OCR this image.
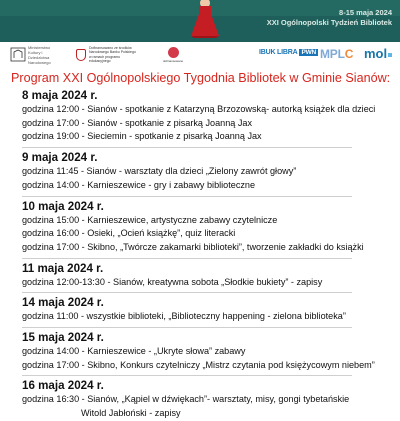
8-15 maja 2024
XXI Ogólnopolski Tydzień Bibliotek
Ministerstwo Kultury i Dziedzictwa Narodowego
Dofinansowano ze środków
Narodowego Banku Polskiego
w ramach programu
edukacyjnego	dofinansowano
IBUK LIBRA PWN MPL C mol
Program XXI Ogólnopolskiego Tygodnia Bibliotek w Gminie Sianów:
8 maja 2024 r.
godzina 12:00 - Sianów - spotkanie z Katarzyną Brzozowską- autorką książek dla dzieci
godzina 17:00 - Sianów - spotkanie z pisarką Joanną Jax
godzina 19:00 - Sieciemin - spotkanie z pisarką Joanną Jax
9 maja 2024 r.
godzina 11:45 - Sianów - warsztaty dla dzieci „Zielony zawrót głowy”
godzina 14:00 - Karnieszewice - gry i zabawy biblioteczne
10 maja 2024 r.
godzina 15:00 - Karnieszewice, artystyczne zabawy czytelnicze
godzina 16:00 - Osieki, „Ocień książkę”, quiz literacki
godzina 17:00 - Skibno, „Twórcze zakamarki biblioteki”, tworzenie zakładki do książki
11 maja 2024 r.
godzina 12:00-13:30 - Sianów, kreatywna sobota „Słodkie bukiety” - zapisy
14 maja 2024 r.
godzina 11:00 - wszystkie biblioteki, „Biblioteczny happening - zielona biblioteka”
15 maja 2024 r.
godzina 14:00 - Karnieszewice - „Ukryte słowa” zabawy
godzina 17:00 - Skibno, Konkurs czytelniczy „Mistrz czytania pod księżycowym niebem”
16 maja 2024 r.
godzina 16:30 - Sianów, „Kąpiel w dźwiękach”- warsztaty, misy, gongi tybetańskie
Witold Jabłoński - zapisy
